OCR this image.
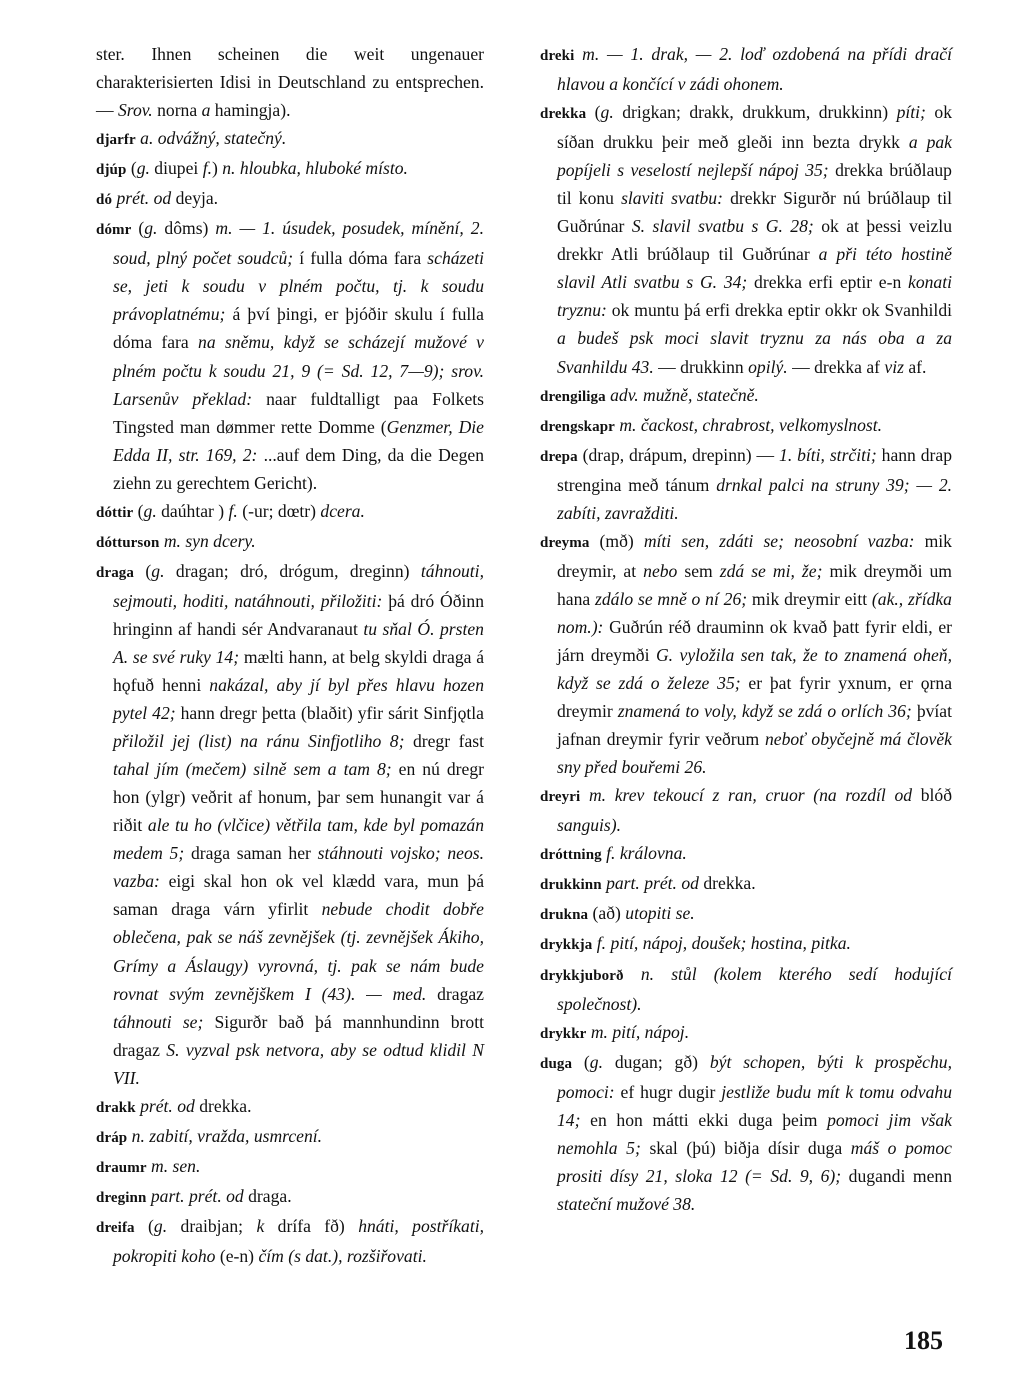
ster. Ihnen scheinen die weit ungenauer charakterisierten Idisi in Deutschland zu entsprechen. — Srov. norna a hamingja).

djarfr a. odvážný, statečný.

djúp (g. diupei f.) n. hloubka, hluboké místo.

dó prét. od deyja.

dómr (g. dôms) m. — 1. úsudek, posudek, mínění, 2. soud, plný počet soudců; í fulla dóma fara scházeti se, jeti k soudu v plném počtu, tj. k soudu právoplatnému; á því þingi, er þjóðir skulu í fulla dóma fara na sněmu, když se scházejí mužové v plném počtu k soudu 21, 9 (= Sd. 12, 7—9); srov. Larsenův překlad: naar fuldtalligt paa Folkets Tingsted man dømmer rette Domme (Genzmer, Die Edda II, str. 169, 2: ...auf dem Ding, da die Degen ziehn zu gerechtem Gericht).

dóttir (g. daúhtar ) f. (-ur; dœtr) dcera.

dótturson m. syn dcery.

draga (g. dragan; dró, drógum, dreginn) táhnouti, sejmouti, hoditi, natáhnouti, přiložiti: þá dró Óðinn hringinn af handi sér Andvaranaut tu sňal Ó. prsten A. se své ruky 14; mælti hann, at belg skyldi draga á hǫfuð henni nakázal, aby jí byl přes hlavu hozen pytel 42; hann dregr þetta (blaðit) yfir sárit Sinfjǫtla přiložil jej (list) na ránu Sinfjotliho 8; dregr fast tahal jím (mečem) silně sem a tam 8; en nú dregr hon (ylgr) veðrit af honum, þar sem hunangit var á riðit ale tu ho (vlčice) větřila tam, kde byl pomazán medem 5; draga saman her stáhnouti vojsko; neos. vazba: eigi skal hon ok vel klædd vara, mun þá saman draga várn yfirlit nebude chodit dobře oblečena, pak se náš zevnějšek (tj. zevnějšek Ákiho, Grímy a Áslaugy) vyrovná, tj. pak se nám bude rovnat svým zevnějškem I (43). — med. dragaz táhnouti se; Sigurðr bað þá mannhundinn brott dragaz S. vyzval psk netvora, aby se odtud klidil N VII.

drakk prét. od drekka.

dráp n. zabití, vražda, usmrcení.

draumr m. sen.

dreginn part. prét. od draga.

dreifa (g. draibjan; k drífa fð) hnáti, postříkati, pokropiti koho (e-n) čím (s dat.), rozšiřovati.

dreki m. — 1. drak, — 2. loď ozdobená na přídi dračí hlavou a končící v zádi ohonem.

drekka (g. drigkan; drakk, drukkum, drukkinn) píti; ok síðan drukku þeir með gleði inn bezta drykk a pak popíjeli s veselostí nejlepší nápoj 35; drekka brúðlaup til konu slaviti svatbu: drekkr Sigurðr nú brúðlaup til Guðrúnar S. slavil svatbu s G. 28; ok at þessi veizlu drekkr Atli brúðlaup til Guðrúnar a při této hostině slavil Atli svatbu s G. 34; drekka erfi eptir e-n konati tryznu: ok muntu þá erfi drekka eptir okkr ok Svanhildi a budeš psk moci slavit tryznu za nás oba a za Svanhildu 43. — drukkinn opilý. — drekka af viz af.

drengiliga adv. mužně, statečně.

drengskapr m. čackost, chrabrost, velkomyslnost.

drepa (drap, drápum, drepinn) — 1. bíti, strčiti; hann drap strengina með tánum drnkal palci na struny 39; — 2. zabíti, zavražditi.

dreyma (mð) míti sen, zdáti se; neosobní vazba: mik dreymir, at nebo sem zdá se mi, že; mik dreymði um hana zdálo se mně o ní 26; mik dreymir eitt (ak., zřídka nom.): Guðrún réð drauminn ok kvað þatt fyrir eldi, er járn dreymði G. vyložila sen tak, že to znamená oheň, když se zdá o železe 35; er þat fyrir yxnum, er ǫrna dreymir znamená to voly, když se zdá o orlích 36; þvíat jafnan dreymir fyrir veðrum neboť obyčejně má člověk sny před bouřemi 26.

dreyri m. krev tekoucí z ran, cruor (na rozdíl od blóð sanguis).

dróttning f. královna.

drukkinn part. prét. od drekka.

drukna (að) utopiti se.

drykkja f. pití, nápoj, doušek; hostina, pitka.

drykkjuborð n. stůl (kolem kterého sedí hodující společnost).

drykkr m. pití, nápoj.

duga (g. dugan; gð) být schopen, býti k prospěchu, pomoci: ef hugr dugir jestliže budu mít k tomu odvahu 14; en hon mátti ekki duga þeim pomoci jim však nemohla 5; skal (þú) biðja dísir duga máš o pomoc prositi dísy 21, sloka 12 (= Sd. 9, 6); dugandi menn stateční mužové 38.

185
